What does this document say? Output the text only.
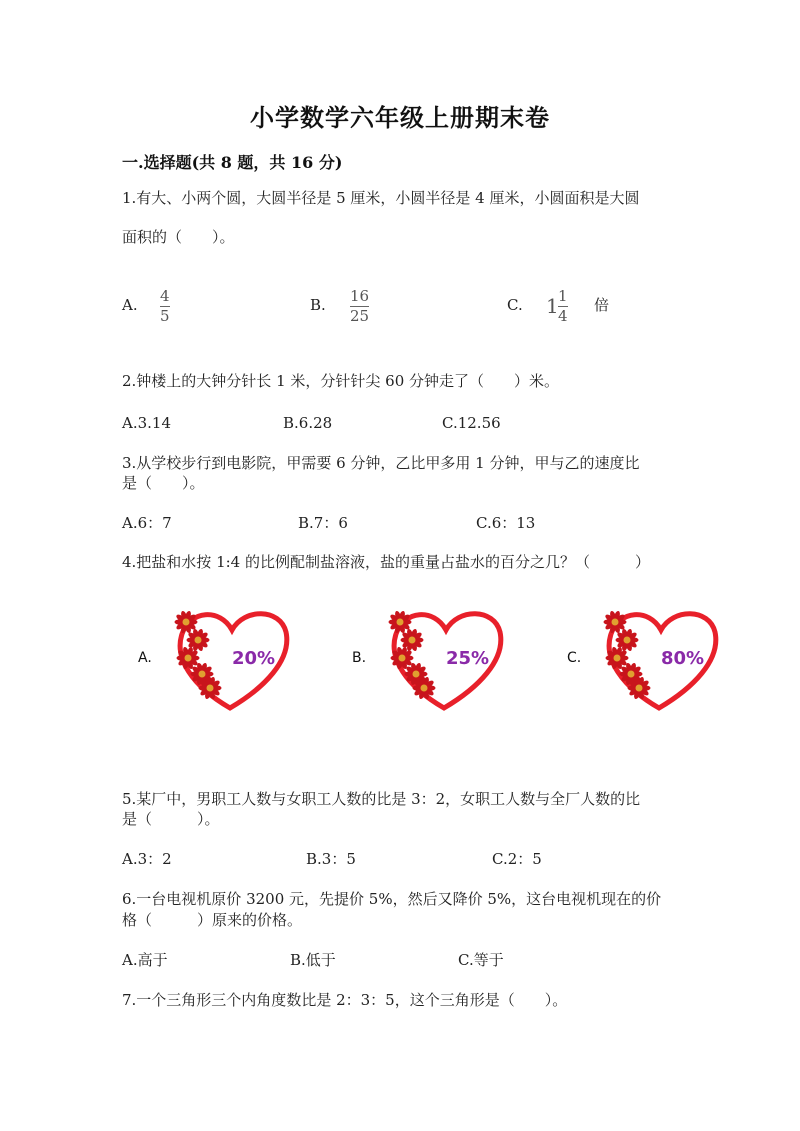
小学数学六年级上册期末卷
一.选择题(共 8 题，共 16 分)
1.有大、小两个圆，大圆半径是 5 厘米，小圆半径是 4 厘米，小圆面积是大圆
面积的（　　）。
A. 4
5
B. 16
25
C. 1 1
4
倍
2.钟楼上的大钟分针长 1 米，分针针尖 60 分钟走了（　　）米。
A.3.14	B.6.28	C.12.56
3.从学校步行到电影院，甲需要 6 分钟，乙比甲多用 1 分钟，甲与乙的速度比
是（　　）。
A.6：7	B.7：6	C.6：13
4.把盐和水按 1:4 的比例配制盐溶液，盐的重量占盐水的百分之几？（　　　）
A.	20%	B.	25%	C.	80%
5.某厂中，男职工人数与女职工人数的比是 3：2，女职工人数与全厂人数的比
是（　　　）。
A.3：2	B.3：5	C.2：5
6.一台电视机原价 3200 元，先提价 5%，然后又降价 5%，这台电视机现在的价
格（　　　）原来的价格。
A.高于	B.低于	C.等于
7.一个三角形三个内角度数比是 2：3：5，这个三角形是（　　）。
